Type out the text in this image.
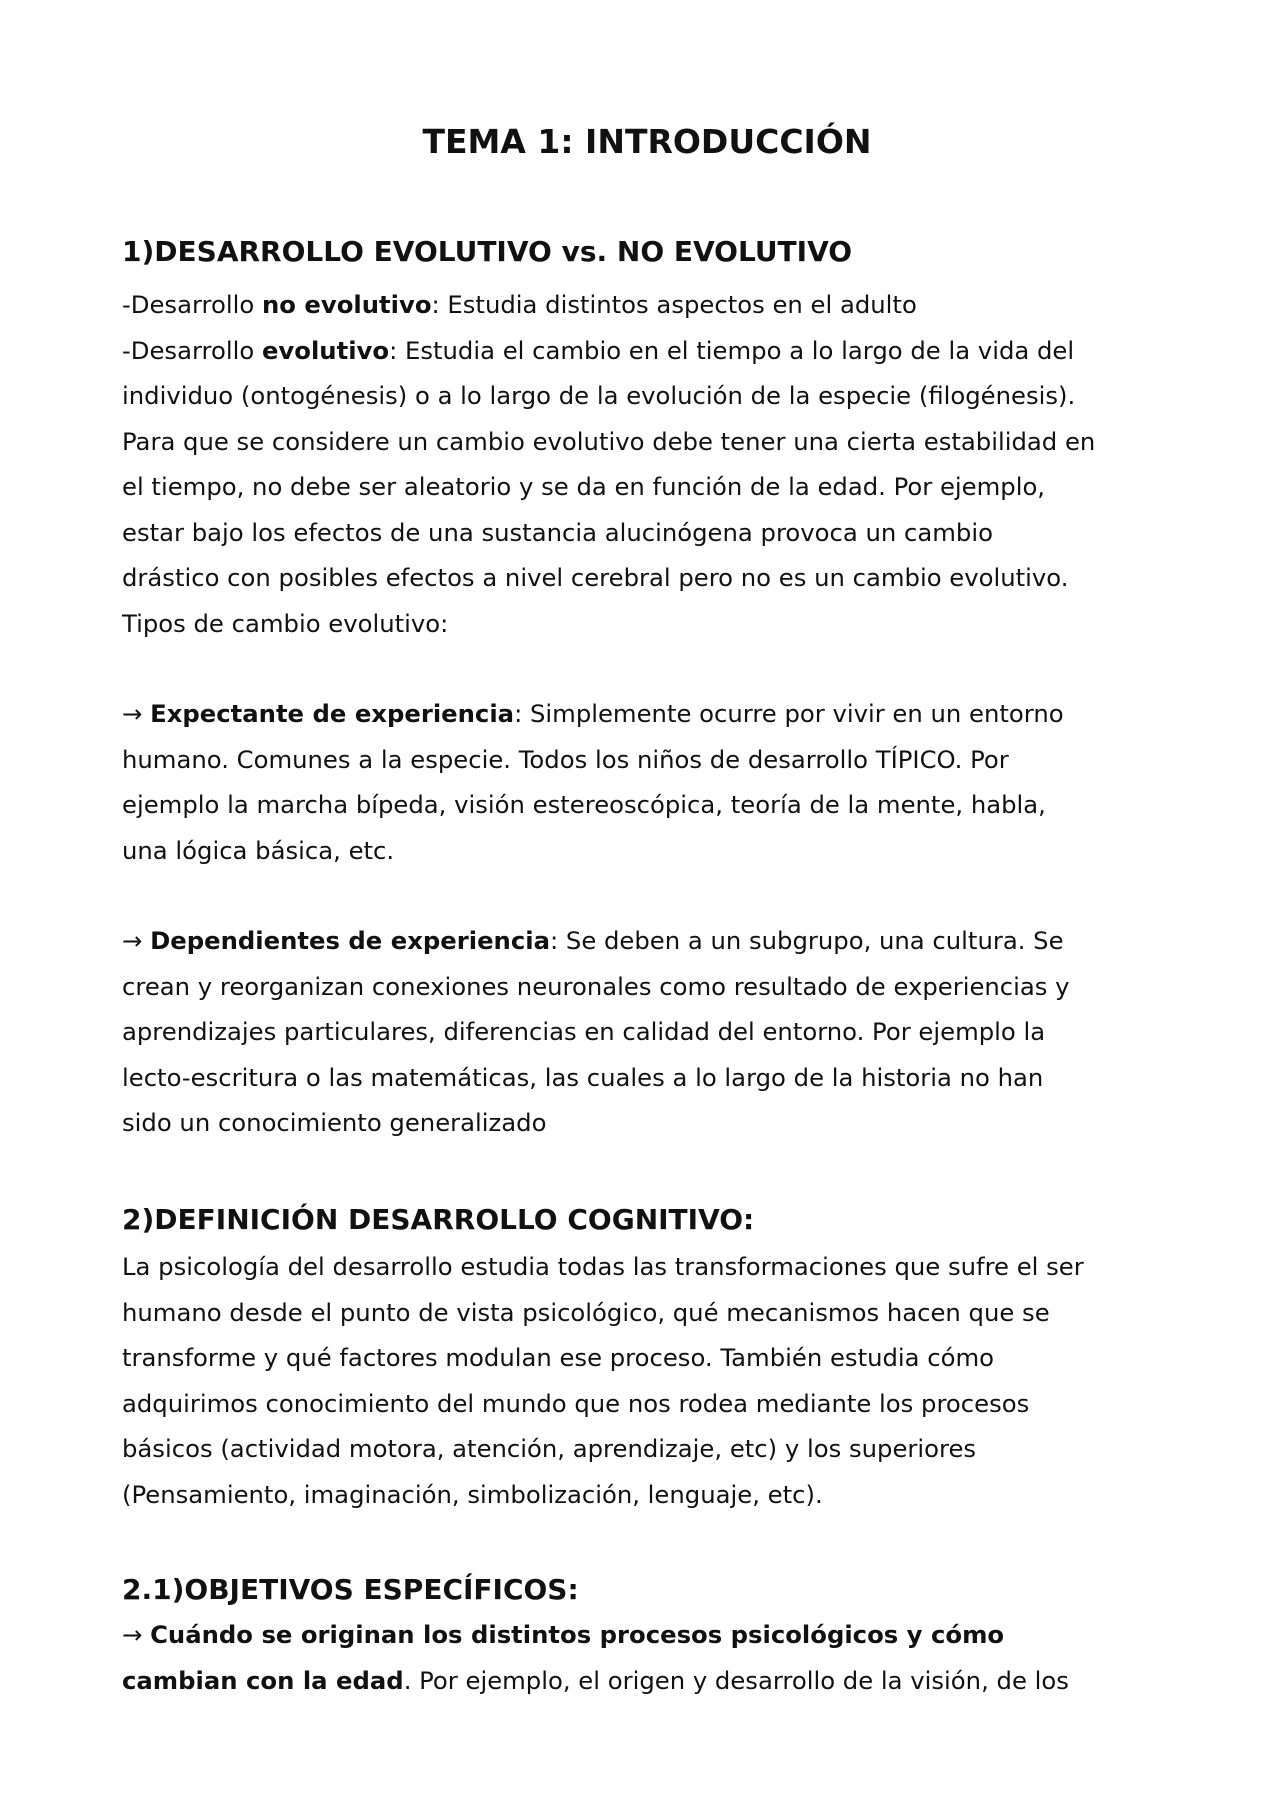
TEMA 1: INTRODUCCIÓN
1)DESARROLLO EVOLUTIVO vs. NO EVOLUTIVO
-Desarrollo no evolutivo: Estudia distintos aspectos en el adulto
-Desarrollo evolutivo: Estudia el cambio en el tiempo a lo largo de la vida del
individuo (ontogénesis) o a lo largo de la evolución de la especie (filogénesis).
Para que se considere un cambio evolutivo debe tener una cierta estabilidad en
el tiempo, no debe ser aleatorio y se da en función de la edad. Por ejemplo,
estar bajo los efectos de una sustancia alucinógena provoca un cambio
drástico con posibles efectos a nivel cerebral pero no es un cambio evolutivo.
Tipos de cambio evolutivo:
→ Expectante de experiencia: Simplemente ocurre por vivir en un entorno
humano. Comunes a la especie. Todos los niños de desarrollo TÍPICO. Por
ejemplo la marcha bípeda, visión estereoscópica, teoría de la mente, habla,
una lógica básica, etc.
→ Dependientes de experiencia: Se deben a un subgrupo, una cultura. Se
crean y reorganizan conexiones neuronales como resultado de experiencias y
aprendizajes particulares, diferencias en calidad del entorno. Por ejemplo la
lecto-escritura o las matemáticas, las cuales a lo largo de la historia no han
sido un conocimiento generalizado
2)DEFINICIÓN DESARROLLO COGNITIVO:
La psicología del desarrollo estudia todas las transformaciones que sufre el ser
humano desde el punto de vista psicológico, qué mecanismos hacen que se
transforme y qué factores modulan ese proceso. También estudia cómo
adquirimos conocimiento del mundo que nos rodea mediante los procesos
básicos (actividad motora, atención, aprendizaje, etc) y los superiores
(Pensamiento, imaginación, simbolización, lenguaje, etc).
2.1)OBJETIVOS ESPECÍFICOS:
→ Cuándo se originan los distintos procesos psicológicos y cómo
cambian con la edad. Por ejemplo, el origen y desarrollo de la visión, de los
